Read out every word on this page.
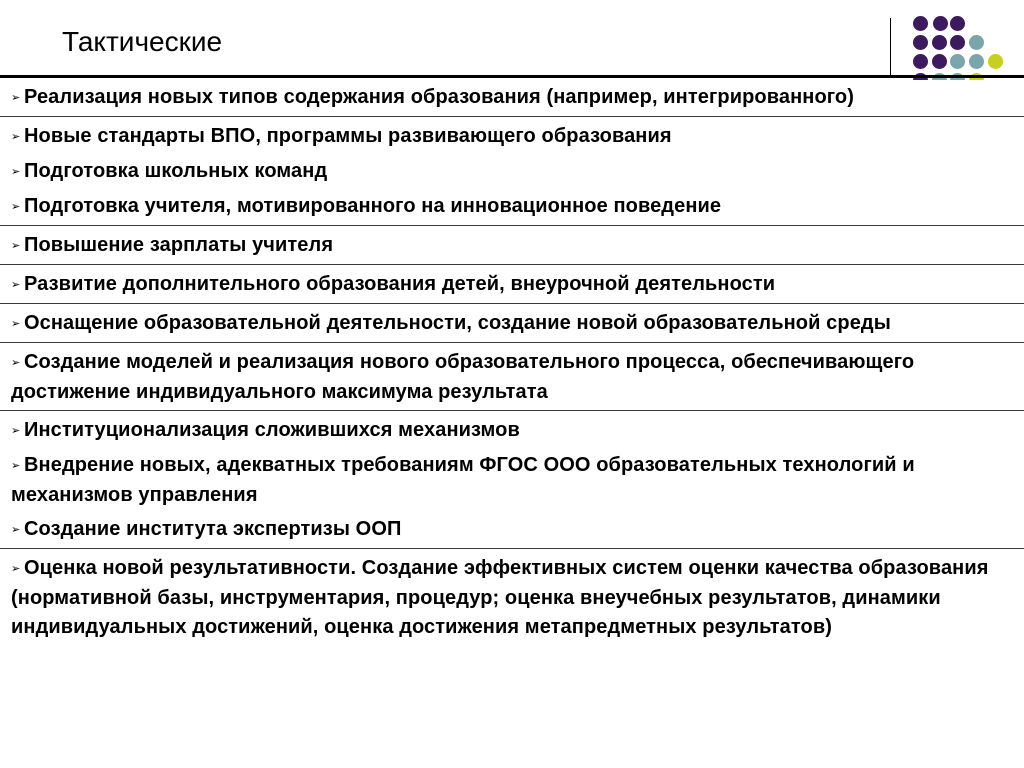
Тактические
➢ Реализация новых типов содержания образования (например, интегрированного)
➢ Новые стандарты ВПО, программы развивающего образования
➢ Подготовка школьных команд
➢ Подготовка учителя, мотивированного на инновационное поведение
➢ Повышение зарплаты учителя
➢ Развитие дополнительного образования детей, внеурочной деятельности
➢ Оснащение образовательной деятельности, создание новой образовательной среды
➢ Создание моделей и реализация нового образовательного процесса, обеспечивающего достижение индивидуального максимума результата
➢ Институционализация сложившихся механизмов
➢ Внедрение новых, адекватных требованиям ФГОС ООО образовательных технологий и механизмов управления
➢ Создание института экспертизы ООП
➢ Оценка новой результативности. Создание эффективных систем оценки качества образования (нормативной базы, инструментария, процедур; оценка внеучебных результатов, динамики индивидуальных достижений, оценка достижения метапредметных результатов)
